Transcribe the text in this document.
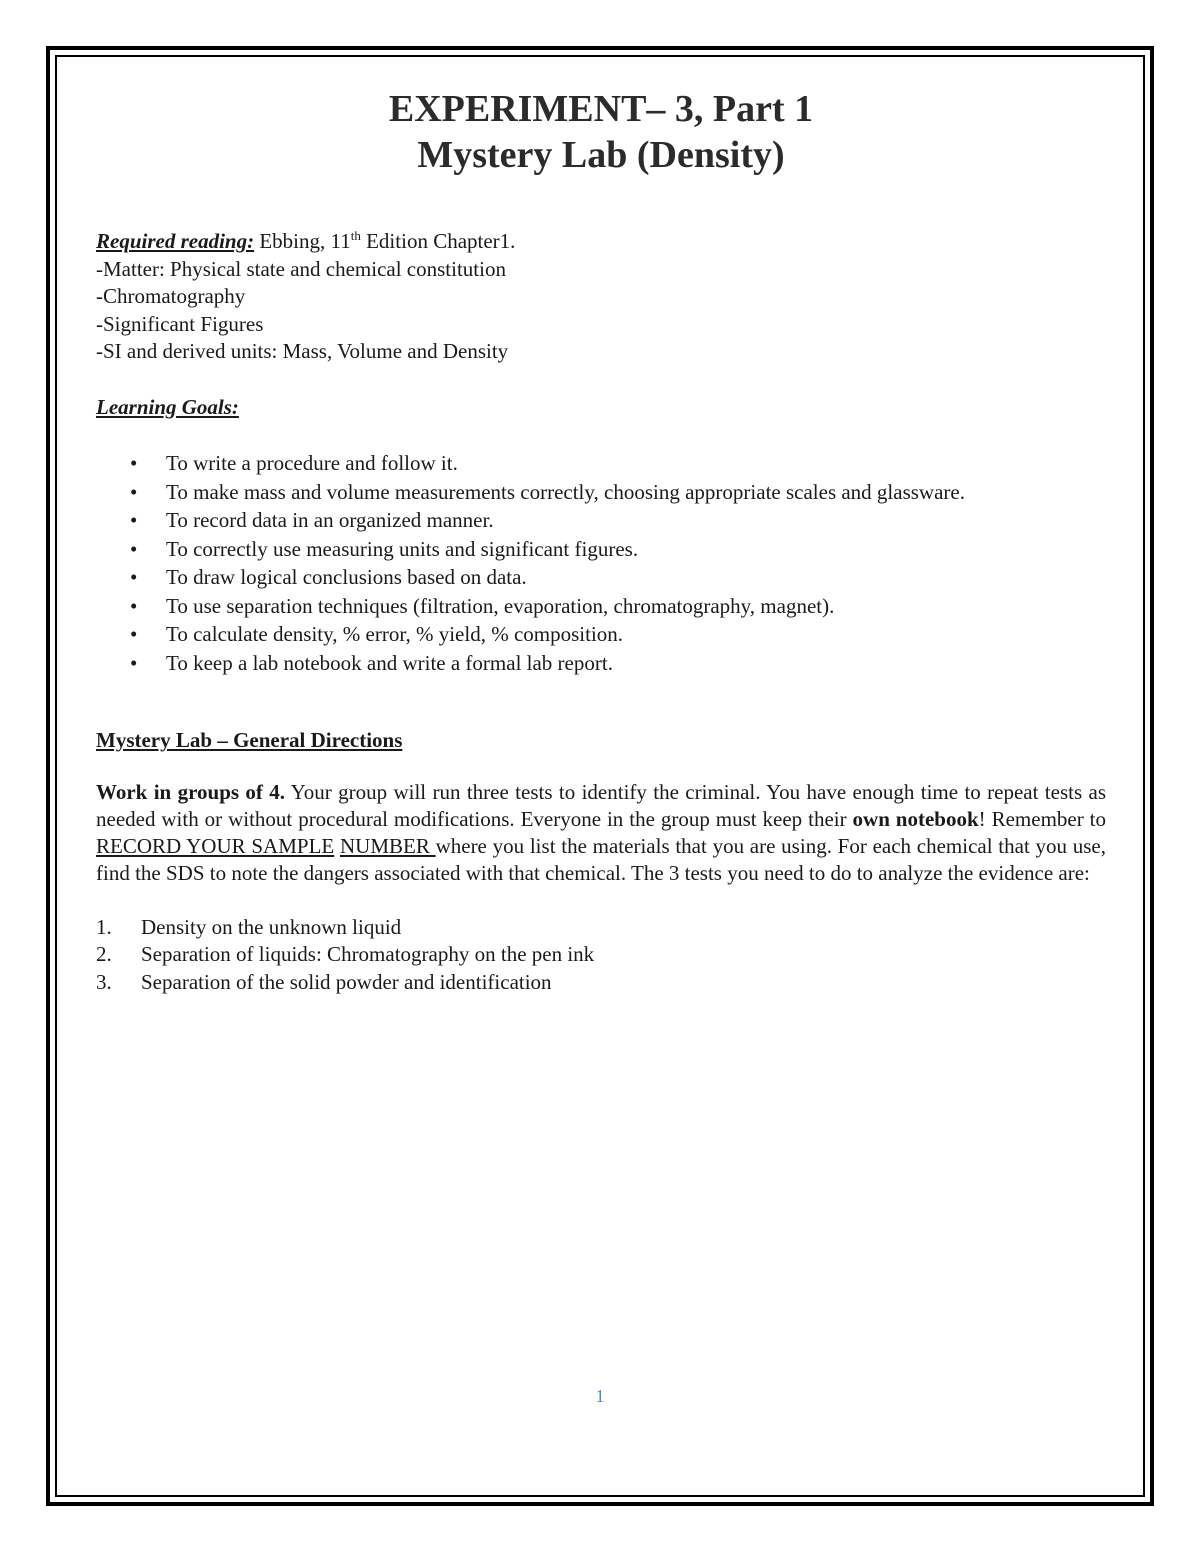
EXPERIMENT– 3, Part 1
Mystery Lab (Density)

Required reading: Ebbing, 11th Edition Chapter1.

-Matter: Physical state and chemical constitution

-Chromatography

-Significant Figures

-SI and derived units: Mass, Volume and Density

Learning Goals:
• To write a procedure and follow it.
• To make mass and volume measurements correctly, choosing appropriate scales and glassware.
• To record data in an organized manner.
• To correctly use measuring units and significant figures.
• To draw logical conclusions based on data.
• To use separation techniques (filtration, evaporation, chromatography, magnet).
• To calculate density, % error, % yield, % composition.
• To keep a lab notebook and write a formal lab report.
Mystery Lab – General Directions

Work in groups of 4. Your group will run three tests to identify the criminal. You have enough time to repeat tests as needed with or without procedural modifications. Everyone in the group must keep their own notebook! Remember to RECORD YOUR SAMPLE NUMBER where you list the materials that you are using. For each chemical that you use, find the SDS to note the dangers associated with that chemical. The 3 tests you need to do to analyze the evidence are:

1. Density on the unknown liquid
2. Separation of liquids: Chromatography on the pen ink
3. Separation of the solid powder and identification
1
